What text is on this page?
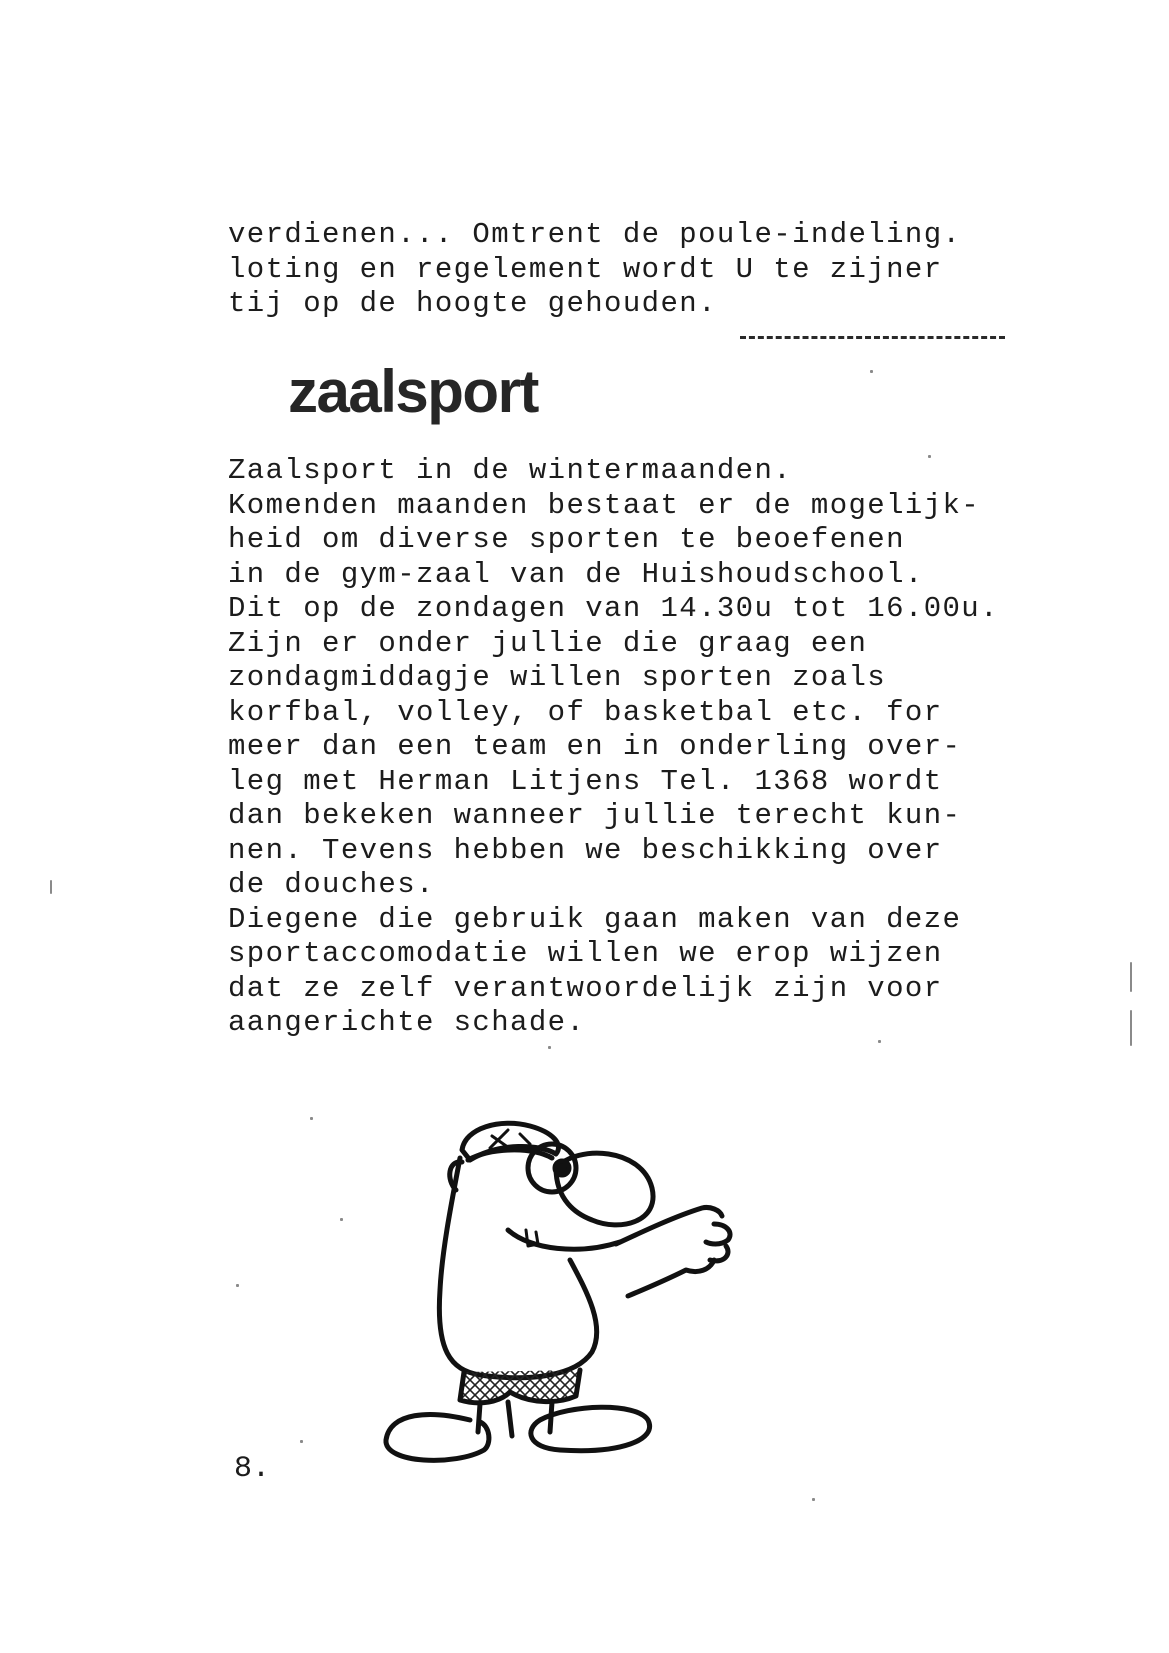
verdienen... Omtrent de poule-indeling.
loting en regelement wordt U te zijner
tij op de hoogte gehouden.
zaalsport
Zaalsport in de wintermaanden.
Komenden maanden bestaat er de mogelijk-
heid om diverse sporten te beoefenen
in de gym-zaal van de Huishoudschool.
Dit op de zondagen van 14.30u tot 16.00u.
Zijn er onder jullie die graag een
zondagmiddagje willen sporten zoals
korfbal, volley, of basketbal etc. for
meer dan een team en in onderling over-
leg met Herman Litjens Tel. 1368 wordt
dan bekeken wanneer jullie terecht kun-
nen. Tevens hebben we beschikking over
de douches.
Diegene die gebruik gaan maken van deze
sportaccomodatie willen we erop wijzen
dat ze zelf verantwoordelijk zijn voor
aangerichte schade.
8.
